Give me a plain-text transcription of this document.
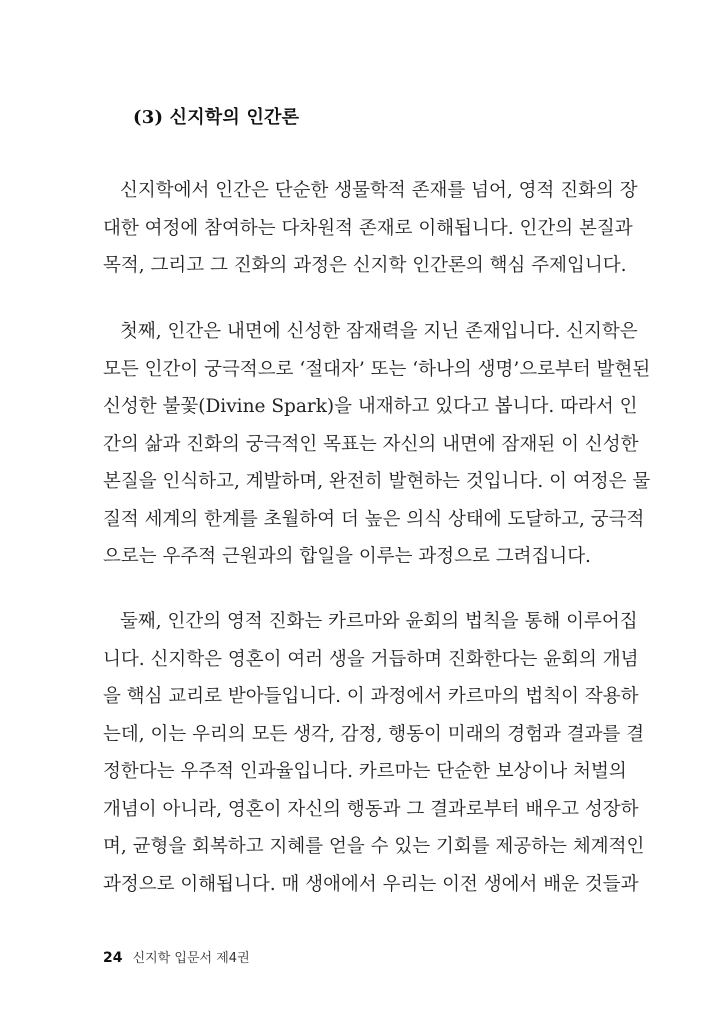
(3) 신지학의 인간론
신지학에서 인간은 단순한 생물학적 존재를 넘어, 영적 진화의 장
대한 여정에 참여하는 다차원적 존재로 이해됩니다. 인간의 본질과
목적, 그리고 그 진화의 과정은 신지학 인간론의 핵심 주제입니다.
첫째, 인간은 내면에 신성한 잠재력을 지닌 존재입니다. 신지학은
모든 인간이 궁극적으로 ‘절대자’ 또는 ‘하나의 생명’으로부터 발현된
신성한 불꽃(Divine Spark)을 내재하고 있다고 봅니다. 따라서 인
간의 삶과 진화의 궁극적인 목표는 자신의 내면에 잠재된 이 신성한
본질을 인식하고, 계발하며, 완전히 발현하는 것입니다. 이 여정은 물
질적 세계의 한계를 초월하여 더 높은 의식 상태에 도달하고, 궁극적
으로는 우주적 근원과의 합일을 이루는 과정으로 그려집니다.
둘째, 인간의 영적 진화는 카르마와 윤회의 법칙을 통해 이루어집
니다. 신지학은 영혼이 여러 생을 거듭하며 진화한다는 윤회의 개념
을 핵심 교리로 받아들입니다. 이 과정에서 카르마의 법칙이 작용하
는데, 이는 우리의 모든 생각, 감정, 행동이 미래의 경험과 결과를 결
정한다는 우주적 인과율입니다. 카르마는 단순한 보상이나 처벌의
개념이 아니라, 영혼이 자신의 행동과 그 결과로부터 배우고 성장하
며, 균형을 회복하고 지혜를 얻을 수 있는 기회를 제공하는 체계적인
과정으로 이해됩니다. 매 생애에서 우리는 이전 생에서 배운 것들과
24 신지학 입문서 제4권
